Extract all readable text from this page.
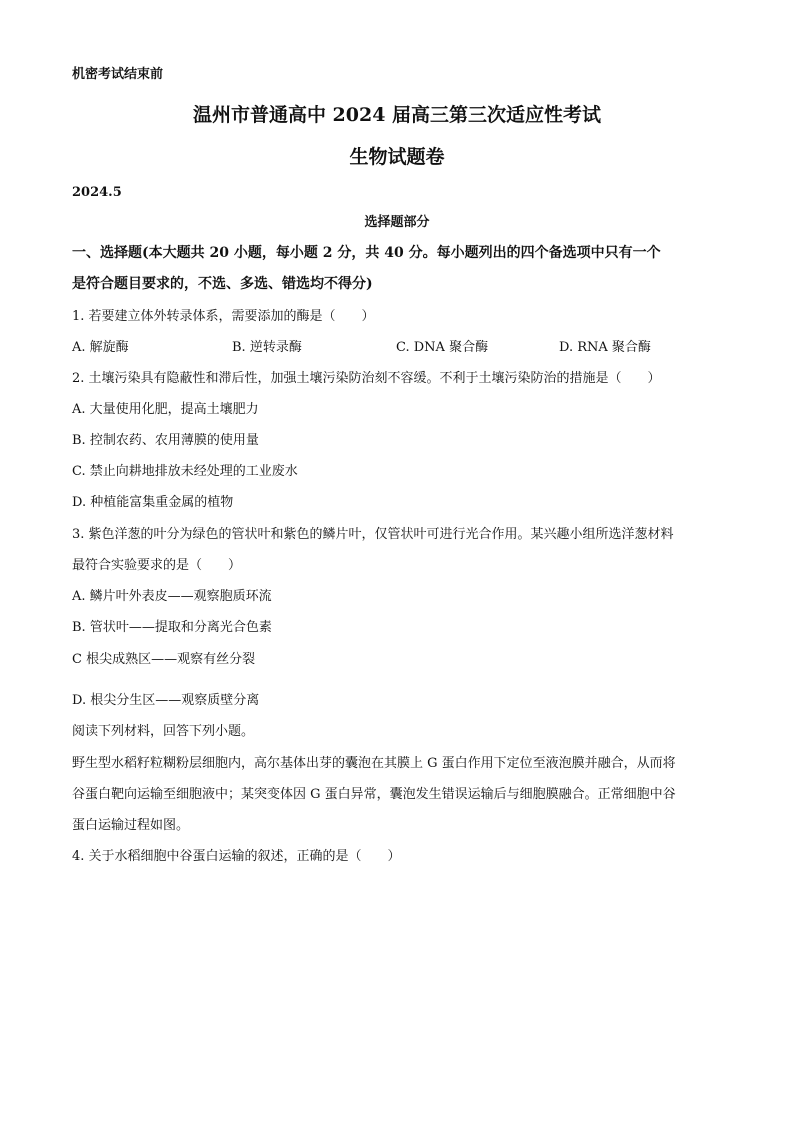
机密考试结束前
温州市普通高中 2024 届高三第三次适应性考试
生物试题卷
2024.5
选择题部分
一、选择题(本大题共 20 小题，每小题 2 分，共 40 分。每小题列出的四个备选项中只有一个
是符合题目要求的，不选、多选、错选均不得分)
1. 若要建立体外转录体系，需要添加的酶是（　　）
A. 解旋酶	B. 逆转录酶	C. DNA 聚合酶	D. RNA 聚合酶
2. 土壤污染具有隐蔽性和滞后性，加强土壤污染防治刻不容缓。不利于土壤污染防治的措施是（　　）
A. 大量使用化肥，提高土壤肥力
B. 控制农药、农用薄膜的使用量
C. 禁止向耕地排放未经处理的工业废水
D. 种植能富集重金属的植物
3. 紫色洋葱的叶分为绿色的管状叶和紫色的鳞片叶，仅管状叶可进行光合作用。某兴趣小组所选洋葱材料
最符合实验要求的是（　　）
A. 鳞片叶外表皮——观察胞质环流
B. 管状叶——提取和分离光合色素
C 根尖成熟区——观察有丝分裂
D. 根尖分生区——观察质壁分离
阅读下列材料，回答下列小题。
野生型水稻籽粒糊粉层细胞内，高尔基体出芽的囊泡在其膜上 G 蛋白作用下定位至液泡膜并融合，从而将
谷蛋白靶向运输至细胞液中；某突变体因 G 蛋白异常，囊泡发生错误运输后与细胞膜融合。正常细胞中谷
蛋白运输过程如图。
4. 关于水稻细胞中谷蛋白运输的叙述，正确的是（　　）
